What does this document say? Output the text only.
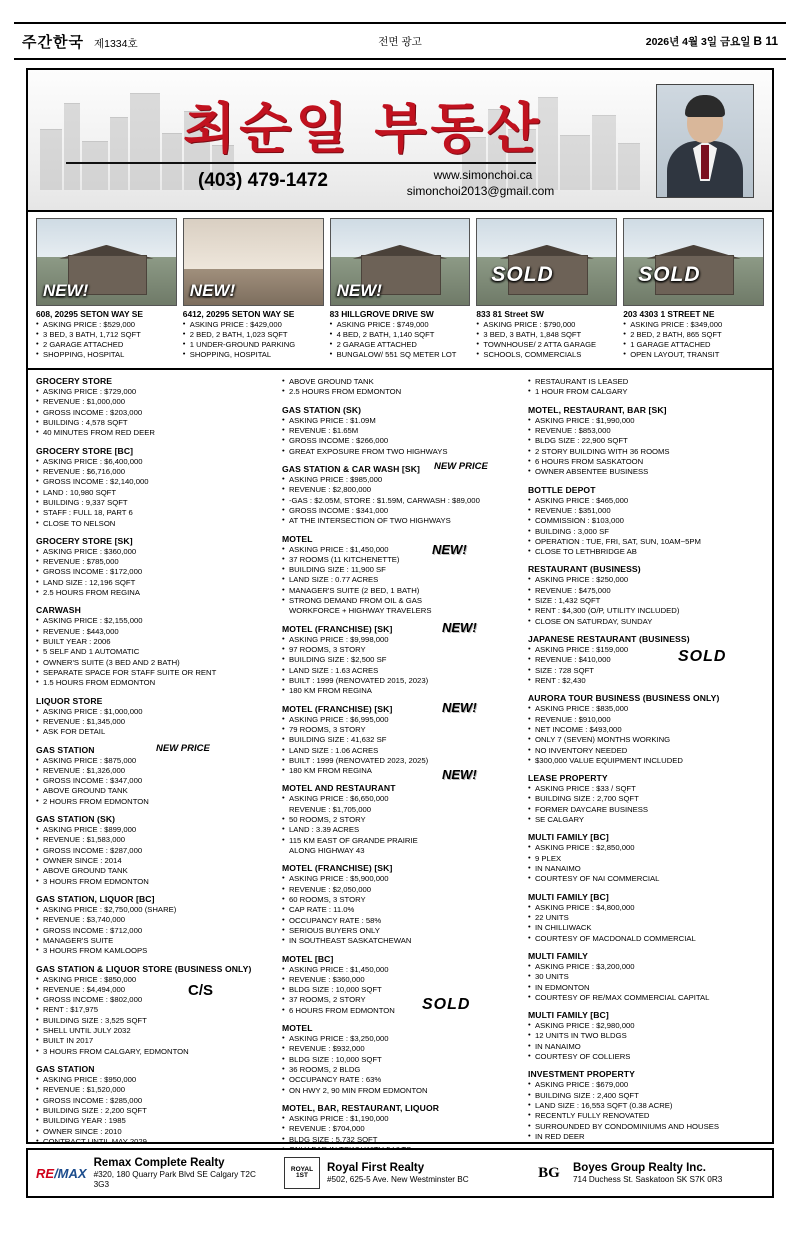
주간한국 제1334호	전면 광고	2026년 4월 3일 금요일 B 11
최순일 부동산
(403) 479-1472	www.simonchoi.ca
simonchoi2013@gmail.com
NEW!
608, 20295 SETON WAY SE
• ASKING PRICE : $529,000
• 3 BED, 3 BATH, 1,712 SQFT
• 2 GARAGE ATTACHED
• SHOPPING, HOSPITAL
NEW!
6412, 20295 SETON WAY SE
• ASKING PRICE : $429,000
• 2 BED, 2 BATH, 1,023 SQFT
• 1 UNDER-GROUND PARKING
• SHOPPING, HOSPITAL
NEW!
83 HILLGROVE DRIVE SW
• ASKING PRICE : $749,000
• 4 BED, 2 BATH, 1,140 SQFT
• 2 GARAGE ATTACHED
• BUNGALOW/ 551 SQ METER LOT
SOLD
833 81 Street SW
• ASKING PRICE : $790,000
• 3 BED, 3 BATH, 1,848 SQFT
• TOWNHOUSE/ 2 ATTA GARAGE
• SCHOOLS, COMMERCIALS
SOLD
203 4303 1 STREET NE
• ASKING PRICE : $349,000
• 2 BED, 2 BATH, 865 SQFT
• 1 GARAGE ATTACHED
• OPEN LAYOUT, TRANSIT
GROCERY STORE
• ASKING PRICE : $729,000
• REVENUE : $1,000,000
• GROSS INCOME : $203,000
• BUILDING : 4,578 SQFT
• 40 MINUTES FROM RED DEER
GROCERY STORE [BC]
• ASKING PRICE : $6,400,000
• REVENUE : $6,716,000
• GROSS INCOME : $2,140,000
• LAND : 10,980 SQFT
• BUILDING : 9,337 SQFT
• STAFF : FULL 18, PART 6
• CLOSE TO NELSON
GROCERY STORE [SK]
• ASKING PRICE : $360,000
• REVENUE : $785,000
• GROSS INCOME : $172,000
• LAND SIZE : 12,196 SQFT
• 2.5 HOURS FROM REGINA
CARWASH
• ASKING PRICE : $2,155,000
• REVENUE : $443,000
• BUILT YEAR : 2006
• 5 SELF AND 1 AUTOMATIC
• OWNER'S SUITE (3 BED AND 2 BATH)
• SEPARATE SPACE FOR STAFF SUITE OR RENT
• 1.5 HOURS FROM EDMONTON
LIQUOR STORE
• ASKING PRICE : $1,000,000
• REVENUE : $1,345,000
• ASK FOR DETAIL
GAS STATION	NEW PRICE
• ASKING PRICE : $875,000
• REVENUE : $1,326,000
• GROSS INCOME : $347,000
• ABOVE GROUND TANK
• 2 HOURS FROM EDMONTON
GAS STATION (SK)
• ASKING PRICE : $899,000
• REVENUE : $1,583,000
• GROSS INCOME : $287,000
• OWNER SINCE : 2014
• ABOVE GROUND TANK
• 3 HOURS FROM EDMONTON
GAS STATION, LIQUOR [BC]
• ASKING PRICE : $2,750,000 (SHARE)
• REVENUE : $3,740,000
• GROSS INCOME : $712,000
• MANAGER'S SUITE
• 3 HOURS FROM KAMLOOPS
GAS STATION & LIQUOR STORE (BUSINESS ONLY)
C/S
• ASKING PRICE : $850,000
• REVENUE : $4,494,000
• GROSS INCOME : $802,000
• RENT : $17,975
• BUILDING SIZE : 3,525 SQFT
• SHELL UNTIL JULY 2032
• BUILT IN 2017
• 3 HOURS FROM CALGARY, EDMONTON
GAS STATION
• ASKING PRICE : $950,000
• REVENUE : $1,520,000
• GROSS INCOME : $285,000
• BUILDING SIZE : 2,200 SQFT
• BUILDING YEAR : 1985
• OWNER SINCE : 2010
• CONTRACT UNTIL MAY 2029
• ABOVE GROUND TANK
• 2.5 HOURS FROM EDMONTON
GAS STATION (SK)
• ASKING PRICE : $1.09M
• REVENUE : $1.65M
• GROSS INCOME : $266,000
• GREAT EXPOSURE FROM TWO HIGHWAYS
GAS STATION & CAR WASH [SK]	NEW PRICE
• ASKING PRICE : $985,000
• REVENUE : $2,800,000
• -GAS : $2.05M, STORE : $1.59M, CARWASH : $89,000
• GROSS INCOME : $341,000
• AT THE INTERSECTION OF TWO HIGHWAYS
MOTEL
NEW!
• ASKING PRICE : $1,450,000
• 37 ROOMS (11 KITCHENETTE)
• BUILDING SIZE : 11,900 SF
• LAND SIZE : 0.77 ACRES
• MANAGER'S SUITE (2 BED, 1 BATH)
• STRONG DEMAND FROM OIL & GAS
WORKFORCE + HIGHWAY TRAVELERS
MOTEL (FRANCHISE) [SK]	NEW!
• ASKING PRICE : $9,998,000
• 97 ROOMS, 3 STORY
• BUILDING SIZE : $2,500 SF
• LAND SIZE : 1.63 ACRES
• BUILT : 1999 (RENOVATED 2015, 2023)
• 180 KM FROM REGINA
MOTEL (FRANCHISE) [SK]	NEW!
• ASKING PRICE : $6,995,000
• 79 ROOMS, 3 STORY
• BUILDING SIZE : 41,632 SF
• LAND SIZE : 1.06 ACRES
• BUILT : 1999 (RENOVATED 2023, 2025)
• 180 KM FROM REGINA
MOTEL AND RESTAURANT
NEW!
• ASKING PRICE : $6,650,000
REVENUE : $1,705,000
• 50 ROOMS, 2 STORY
• LAND : 3.39 ACRES
• 115 KM EAST OF GRANDE PRAIRIE
ALONG HIGHWAY 43
MOTEL (FRANCHISE) [SK]
• ASKING PRICE : $5,900,000
• REVENUE : $2,050,000
• 60 ROOMS, 3 STORY
• CAP RATE : 11.0%
• OCCUPANCY RATE : 58%
• SERIOUS BUYERS ONLY
• IN SOUTHEAST SASKATCHEWAN
MOTEL [BC]
SOLD
• ASKING PRICE : $1,450,000
• REVENUE : $360,000
• BLDG SIZE : 10,000 SQFT
• 37 ROOMS, 2 STORY
• 6 HOURS FROM EDMONTON
MOTEL
• ASKING PRICE : $3,250,000
• REVENUE : $932,000
• BLDG SIZE : 10,000 SQFT
• 36 ROOMS, 2 BLDG
• OCCUPANCY RATE : 63%
• ON HWY 2, 90 MIN FROM EDMONTON
MOTEL, BAR, RESTAURANT, LIQUOR
• ASKING PRICE : $1,190,000
• REVENUE : $704,000
• BLDG SIZE : 5,732 SQFT
•
• RESTAURANT IS LEASED
• 1 HOUR FROM CALGARY
MOTEL, RESTAURANT, BAR [SK]
• ASKING PRICE : $1,990,000
• REVENUE : $853,000
• BLDG SIZE : 22,900 SQFT
• 2 STORY BUILDING WITH 36 ROOMS
• 6 HOURS FROM SASKATOON
• OWNER ABSENTEE BUSINESS
BOTTLE DEPOT
• ASKING PRICE : $465,000
• REVENUE : $351,000
• COMMISSION : $103,000
• BUILDING : 3,000 SF
• OPERATION : TUE, FRI, SAT, SUN, 10AM~5PM
• CLOSE TO LETHBRIDGE AB
RESTAURANT (BUSINESS)
• ASKING PRICE : $250,000
• REVENUE : $475,000
• SIZE : 1,432 SQFT
• RENT : $4,300 (O/P, UTILITY INCLUDED)
• CLOSE ON SATURDAY, SUNDAY
JAPANESE RESTAURANT (BUSINESS)
SOLD
• ASKING PRICE : $159,000
• REVENUE : $410,000
• SIZE : 728 SQFT
• RENT : $2,430
AURORA TOUR BUSINESS (BUSINESS ONLY)
• ASKING PRICE : $835,000
• REVENUE : $910,000
• NET INCOME : $493,000
• ONLY 7 (SEVEN) MONTHS WORKING
• NO INVENTORY NEEDED
• $300,000 VALUE EQUIPMENT INCLUDED
LEASE PROPERTY
• ASKING PRICE : $33 / SQFT
• BUILDING SIZE : 2,700 SQFT
• FORMER DAYCARE BUSINESS
• SE CALGARY
MULTI FAMILY [BC]
• ASKING PRICE : $2,850,000
• 9 PLEX
• IN NANAIMO
• COURTESY OF NAI COMMERCIAL
MULTI FAMILY [BC]
• ASKING PRICE : $4,800,000
• 22 UNITS
• IN CHILLIWACK
• COURTESY OF MACDONALD COMMERCIAL
MULTI FAMILY
• ASKING PRICE : $3,200,000
• 30 UNITS
• IN EDMONTON
• COURTESY OF RE/MAX COMMERCIAL CAPITAL
MULTI FAMILY [BC]
• ASKING PRICE : $2,980,000
• 12 UNITS IN TWO BLDGS
• IN NANAIMO
• COURTESY OF COLLIERS
INVESTMENT PROPERTY
• ASKING PRICE : $679,000
• BUILDING SIZE : 2,400 SQFT
• LAND SIZE : 16,553 SQFT (0.38 ACRE)
• RECENTLY FULLY RENOVATED
• SURROUNDED BY CONDOMINIUMS AND HOUSES
• IN RED DEER
RE/MAX
Remax Complete Realty
#320, 180 Quarry Park Blvd SE Calgary T2C 3G3
ROYAL 1ST
Royal First Realty
#502, 625-5 Ave. New Westminster BC	BG	Boyes Group Realty Inc.
714 Duchess St. Saskatoon SK S7K 0R3
